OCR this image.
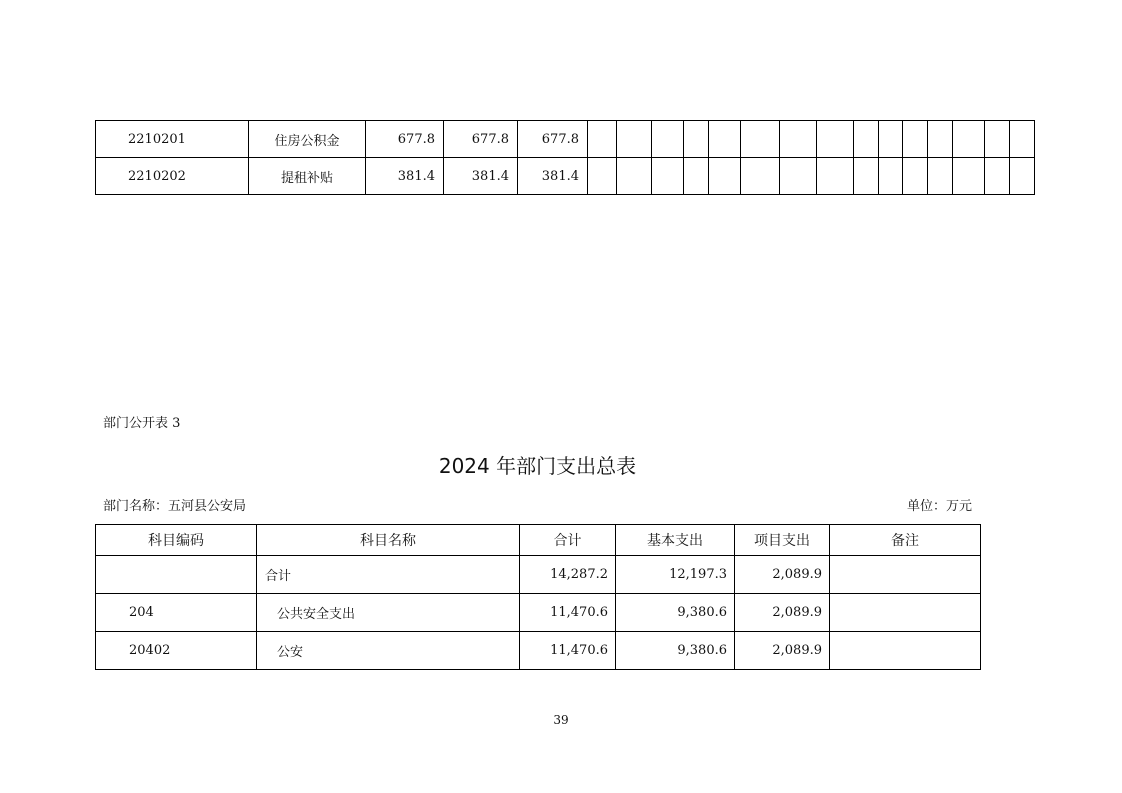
2210201	住房公积金	677.8	677.8	677.8															
2210202	提租补贴	381.4	381.4	381.4															
部门公开表 3
2024 年部门支出总表
部门名称：五河县公安局	单位：万元
科目编码	科目名称	合计	基本支出	项目支出	备注
	合计	14,287.2	12,197.3	2,089.9	
204	公共安全支出	11,470.6	9,380.6	2,089.9	
20402	公安	11,470.6	9,380.6	2,089.9	
39
